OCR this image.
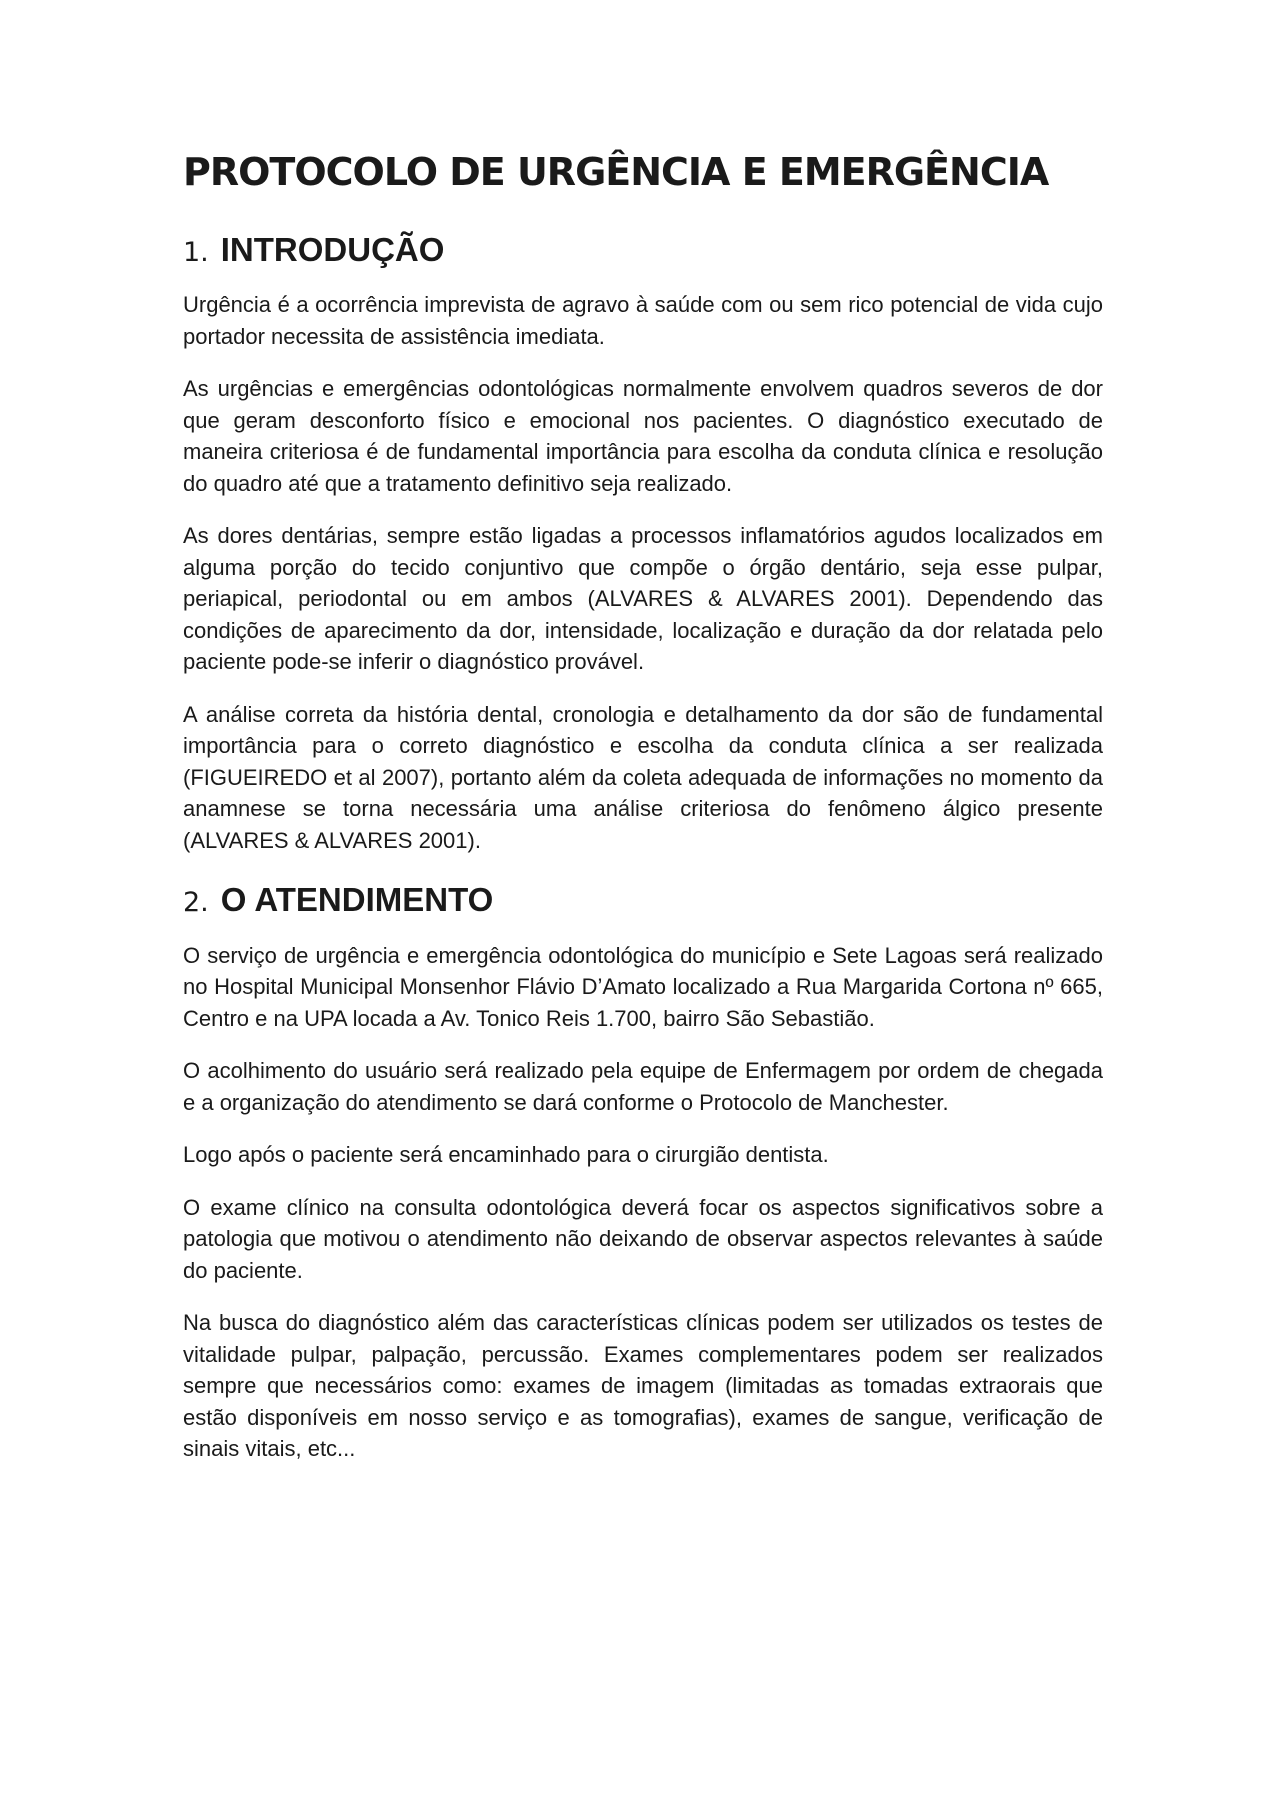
PROTOCOLO DE URGÊNCIA E EMERGÊNCIA
1. INTRODUÇÃO

Urgência é a ocorrência imprevista de agravo à saúde com ou sem rico potencial de vida cujo portador necessita de assistência imediata.

As urgências e emergências odontológicas normalmente envolvem quadros severos de dor que geram desconforto físico e emocional nos pacientes. O diagnóstico executado de maneira criteriosa é de fundamental importância para escolha da conduta clínica e resolução do quadro até que a tratamento definitivo seja realizado.

As dores dentárias, sempre estão ligadas a processos inflamatórios agudos localizados em alguma porção do tecido conjuntivo que compõe o órgão dentário, seja esse pulpar, periapical, periodontal ou em ambos (ALVARES & ALVARES 2001). Dependendo das condições de aparecimento da dor, intensidade, localização e duração da dor relatada pelo paciente pode-se inferir o diagnóstico provável.

A análise correta da história dental, cronologia e detalhamento da dor são de fundamental importância para o correto diagnóstico e escolha da conduta clínica a ser realizada (FIGUEIREDO et al 2007), portanto além da coleta adequada de informações no momento da anamnese se torna necessária uma análise criteriosa do fenômeno álgico presente (ALVARES & ALVARES 2001).

2. O ATENDIMENTO

O serviço de urgência e emergência odontológica do município e Sete Lagoas será realizado no Hospital Municipal Monsenhor Flávio D’Amato localizado a Rua Margarida Cortona nº 665, Centro e na UPA locada a Av. Tonico Reis 1.700, bairro São Sebastião.

O acolhimento do usuário será realizado pela equipe de Enfermagem por ordem de chegada e a organização do atendimento se dará conforme o Protocolo de Manchester.

Logo após o paciente será encaminhado para o cirurgião dentista.

O exame clínico na consulta odontológica deverá focar os aspectos significativos sobre a patologia que motivou o atendimento não deixando de observar aspectos relevantes à saúde do paciente.

Na busca do diagnóstico além das características clínicas podem ser utilizados os testes de vitalidade pulpar, palpação, percussão. Exames complementares podem ser realizados sempre que necessários como: exames de imagem (limitadas as tomadas extraorais que estão disponíveis em nosso serviço e as tomografias), exames de sangue, verificação de sinais vitais, etc...
